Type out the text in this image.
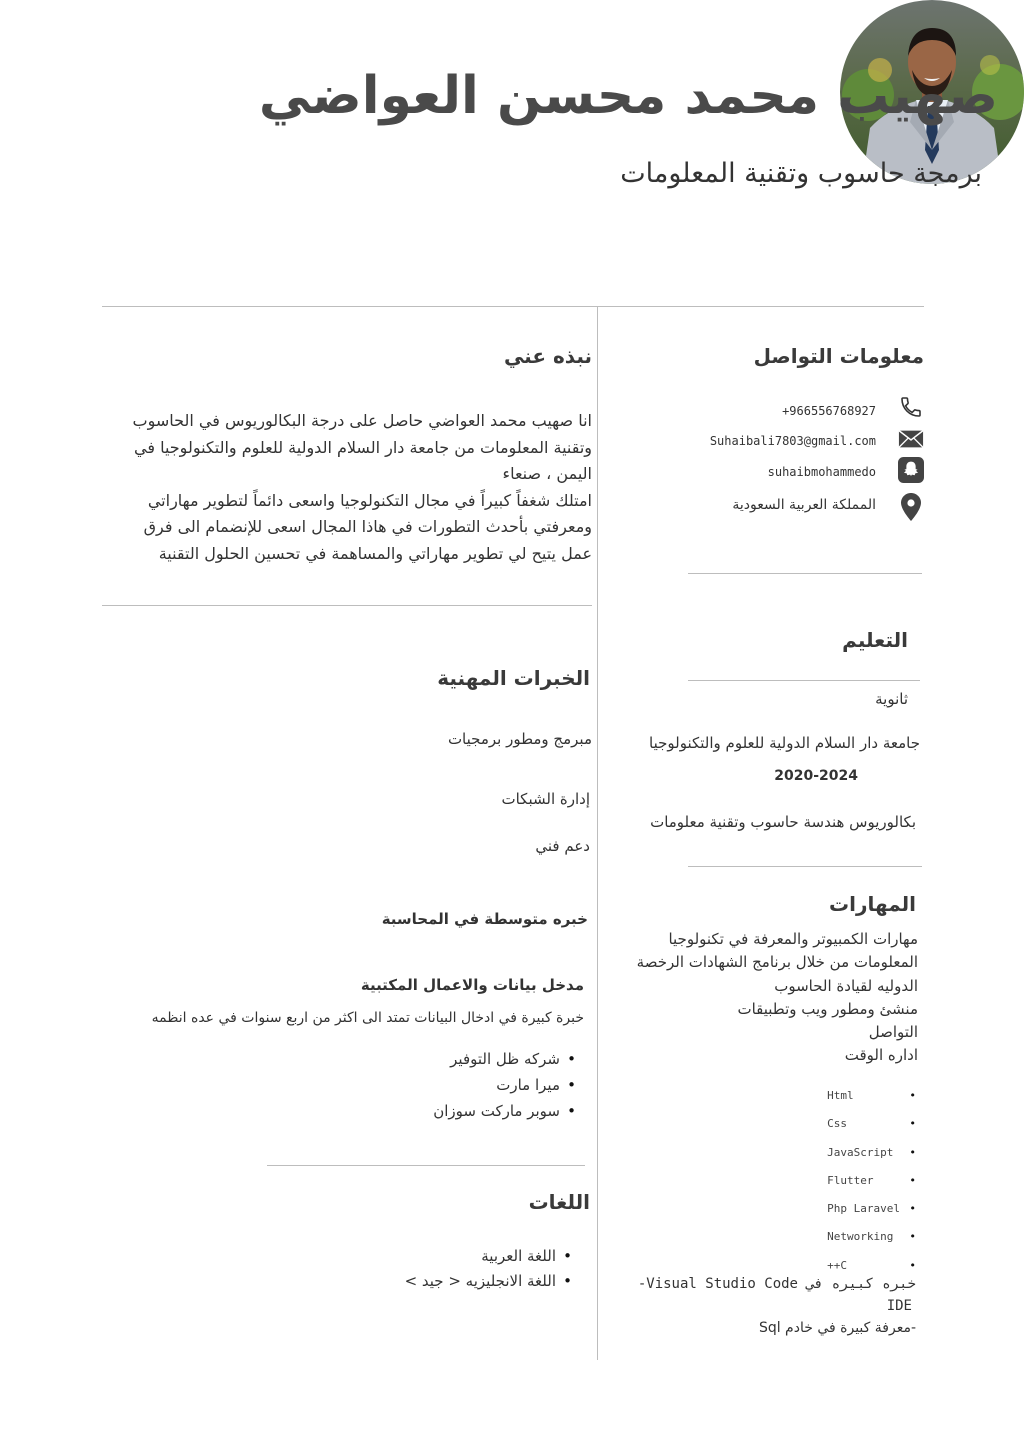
صهيب محمد محسن العواضي
برمجة حاسوب وتقنية المعلومات
معلومات التواصل
+966556768927
Suhaibali7803@gmail.com
suhaibmohammedo
المملكة العربية السعودية
التعليم
ثانوية
جامعة دار السلام الدولية للعلوم والتكنولوجيا
2020-2024
بكالوريوس هندسة حاسوب وتقنية معلومات
المهارات
مهارات الكمبيوتر والمعرفة في تكنولوجيا
المعلومات من خلال برنامج الشهادات الرخصة
الدوليه لقيادة الحاسوب
منشئ ومطور ويب وتطبيقات
التواصل
اداره الوقت
• Html
• Css
• JavaScript
• Flutter
• Php Laravel
• Networking
• ++C
خبره كبيره في Visual Studio Code-
IDE
-معرفة كبيرة في خادم Sql
نبذه عني
انا صهيب محمد العواضي حاصل على درجة البكالوريوس في الحاسوب
وتقنية المعلومات من جامعة دار السلام الدولية للعلوم والتكنولوجيا في
اليمن ، صنعاء
امتلك شغفاً كبيراً في مجال التكنولوجيا واسعى دائماً لتطوير مهاراتي
ومعرفتي بأحدث التطورات في هاذا المجال اسعى للإنضمام الى فرق
عمل يتيح لي تطوير مهاراتي والمساهمة في تحسين الحلول التقنية
الخبرات المهنية
مبرمج ومطور برمجيات
إدارة الشبكات
دعم فني
خبره متوسطة في المحاسبة
مدخل بيانات والاعمال المكتبية
خبرة كبيرة في ادخال البيانات تمتد الى اكثر من اربع سنوات في عده انظمه
• شركه ظل التوفير
• ميرا مارت
• سوبر ماركت سوزان
اللغات
• اللغة العربية
• اللغة الانجليزيه < جيد >
